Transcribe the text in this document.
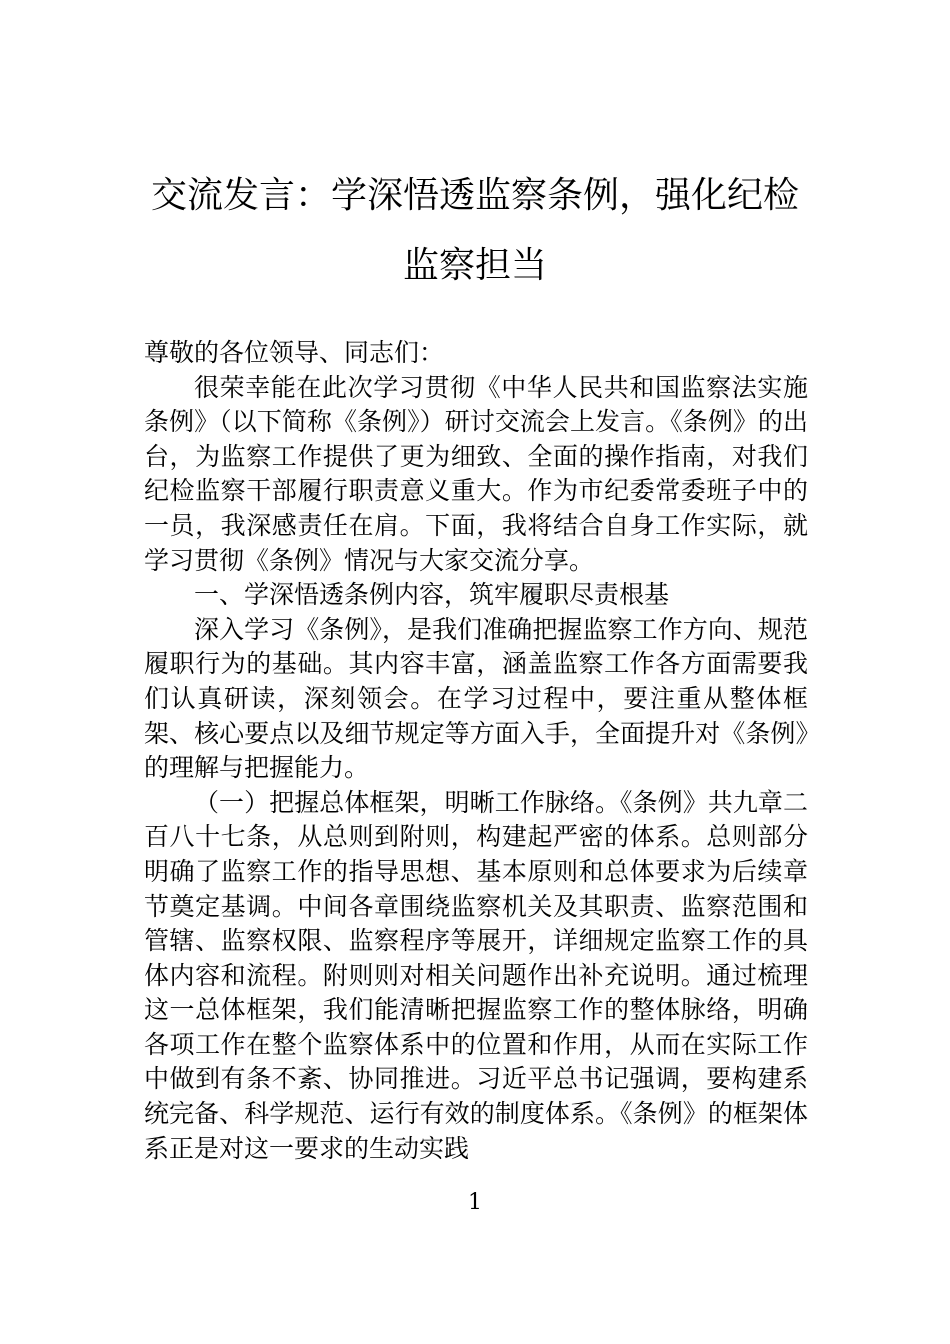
交流发言：学深悟透监察条例，强化纪检
监察担当

尊敬的各位领导、同志们：

很荣幸能在此次学习贯彻《中华人民共和国监察法实施条例》（以下简称《条例》）研讨交流会上发言。《条例》的出台，为监察工作提供了更为细致、全面的操作指南，对我们纪检监察干部履行职责意义重大。作为市纪委常委班子中的一员，我深感责任在肩。下面，我将结合自身工作实际，就学习贯彻《条例》情况与大家交流分享。

一、学深悟透条例内容，筑牢履职尽责根基

深入学习《条例》，是我们准确把握监察工作方向、规范履职行为的基础。其内容丰富，涵盖监察工作各方面需要我们认真研读，深刻领会。在学习过程中，要注重从整体框架、核心要点以及细节规定等方面入手，全面提升对《条例》的理解与把握能力。

（一）把握总体框架，明晰工作脉络。《条例》共九章二百八十七条，从总则到附则，构建起严密的体系。总则部分明确了监察工作的指导思想、基本原则和总体要求为后续章节奠定基调。中间各章围绕监察机关及其职责、监察范围和管辖、监察权限、监察程序等展开，详细规定监察工作的具体内容和流程。附则则对相关问题作出补充说明。通过梳理这一总体框架，我们能清晰把握监察工作的整体脉络，明确各项工作在整个监察体系中的位置和作用，从而在实际工作中做到有条不紊、协同推进。习近平总书记强调，要构建系统完备、科学规范、运行有效的制度体系。《条例》的框架体系正是对这一要求的生动实践

1
